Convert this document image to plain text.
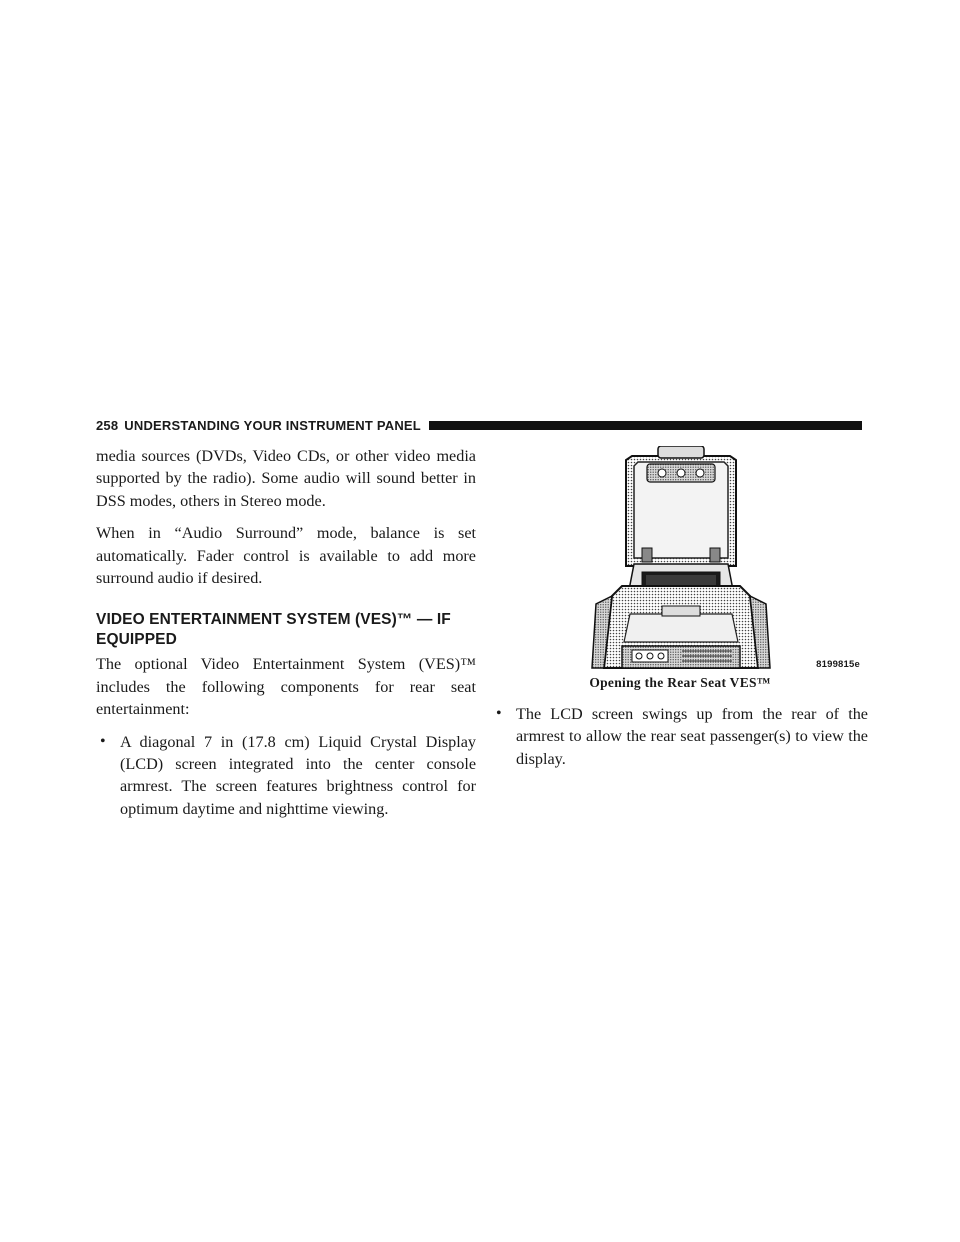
258 UNDERSTANDING YOUR INSTRUMENT PANEL

media sources (DVDs, Video CDs, or other video media supported by the radio). Some audio will sound better in DSS modes, others in Stereo mode.

When in “Audio Surround” mode, balance is set automatically. Fader control is available to add more surround audio if desired.

VIDEO ENTERTAINMENT SYSTEM (VES)™ — IF EQUIPPED

The optional Video Entertainment System (VES)™ includes the following components for rear seat entertainment:

• A diagonal 7 in (17.8 cm) Liquid Crystal Display (LCD) screen integrated into the center console armrest. The screen features brightness control for optimum daytime and nighttime viewing.
8199815e
Opening the Rear Seat VES™
• The LCD screen swings up from the rear of the armrest to allow the rear seat passenger(s) to view the display.
